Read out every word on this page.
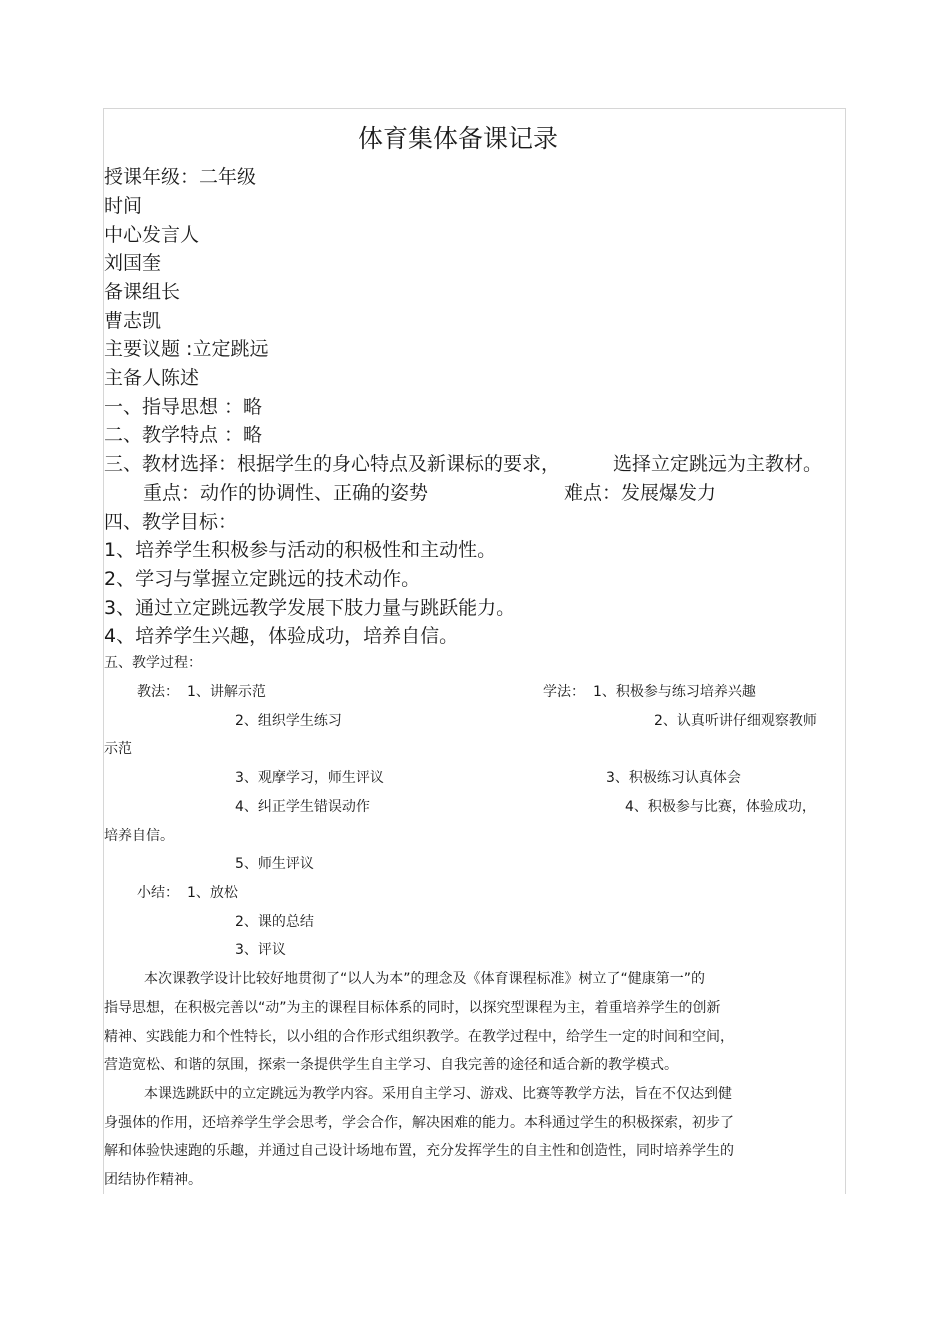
体育集体备课记录
授课年级：二年级
时间
中心发言人
刘国奎
备课组长
曹志凯
主要议题 :立定跳远
主备人陈述
一、指导思想 ：略
二、教学特点 ：略
三、教材选择：根据学生的身心特点及新课标的要求，	选择立定跳远为主教材。
重点：动作的协调性、正确的姿势	难点：发展爆发力
四、教学目标：
1、培养学生积极参与活动的积极性和主动性。
2、学习与掌握立定跳远的技术动作。
3、通过立定跳远教学发展下肢力量与跳跃能力。
4、培养学生兴趣，体验成功，培养自信。
五、教学过程：
教法： 1、讲解示范	学法： 1、积极参与练习培养兴趣
2、组织学生练习	2、认真听讲仔细观察教师
示范
3、观摩学习，师生评议	3、积极练习认真体会
4、纠正学生错误动作	4、积极参与比赛，体验成功，
培养自信。
5、师生评议
小结： 1、放松
2、课的总结
3、评议
本次课教学设计比较好地贯彻了“以人为本”的理念及《体育课程标准》树立了“健康第一”的
指导思想，在积极完善以“动”为主的课程目标体系的同时，以探究型课程为主，着重培养学生的创新
精神、实践能力和个性特长，以小组的合作形式组织教学。在教学过程中，给学生一定的时间和空间，
营造宽松、和谐的氛围，探索一条提供学生自主学习、自我完善的途径和适合新的教学模式。
本课选跳跃中的立定跳远为教学内容。采用自主学习、游戏、比赛等教学方法，旨在不仅达到健
身强体的作用，还培养学生学会思考，学会合作，解决困难的能力。本科通过学生的积极探索，初步了
解和体验快速跑的乐趣，并通过自己设计场地布置，充分发挥学生的自主性和创造性，同时培养学生的
团结协作精神。
